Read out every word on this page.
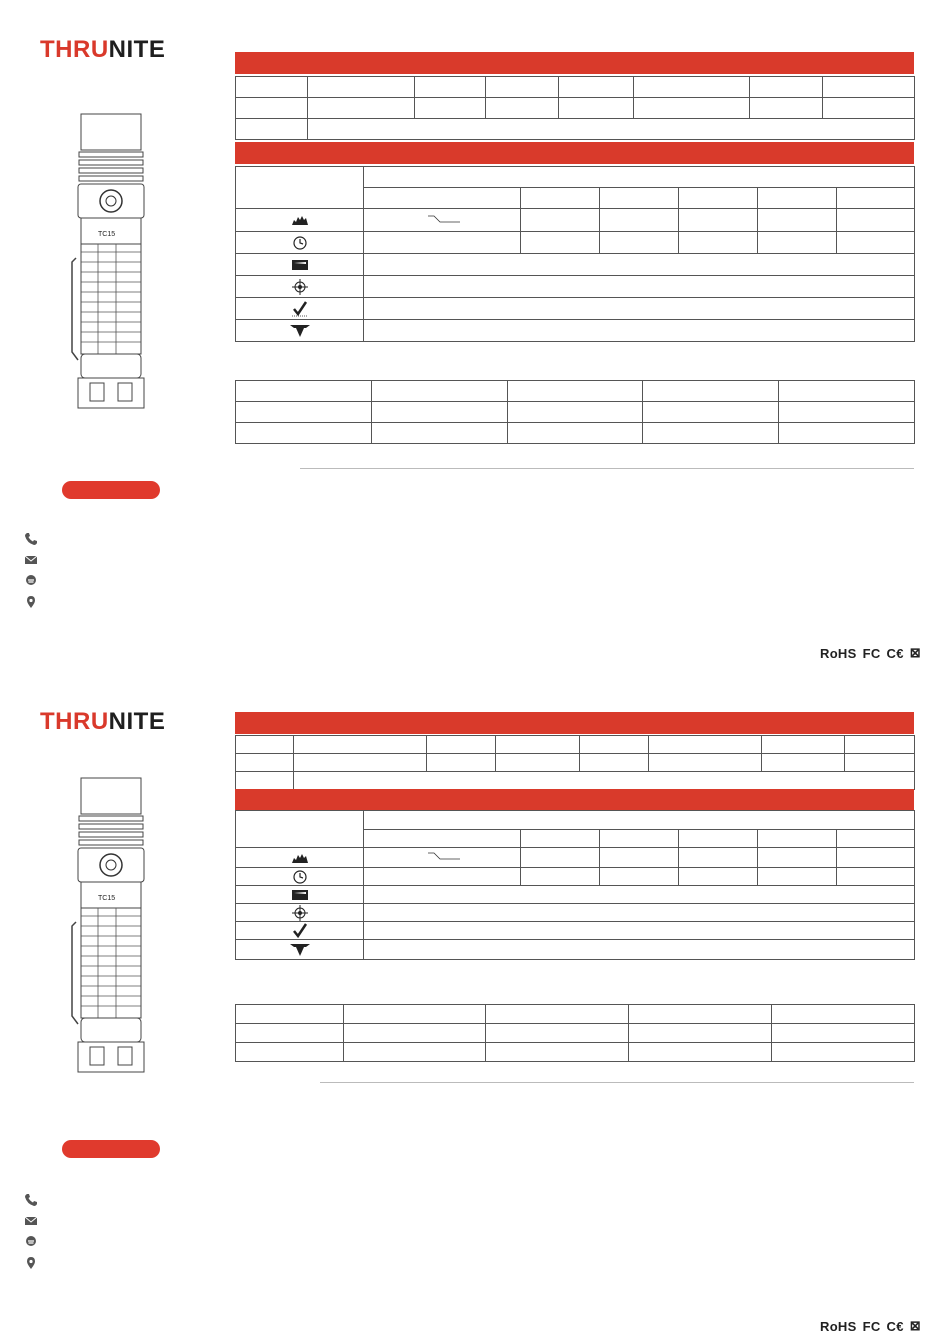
THRUNITE
TC15

RoHS FC C€ ⊠
THRUNITE
TC15

RoHS FC C€ ⊠
